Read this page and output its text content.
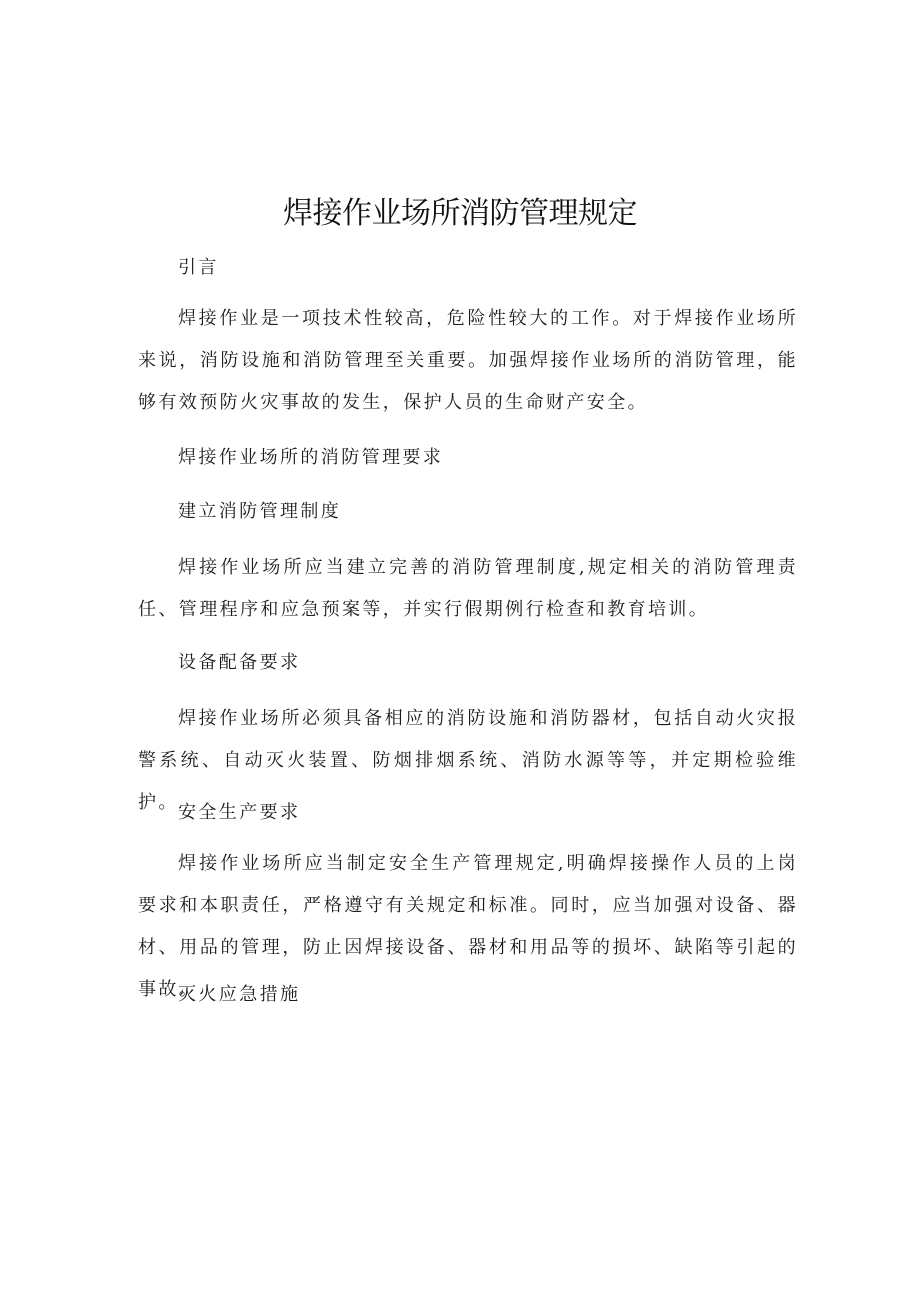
焊接作业场所消防管理规定
引言
焊接作业是一项技术性较高，危险性较大的工作。对于焊接作业场所来说，消防设施和消防管理至关重要。加强焊接作业场所的消防管理，能够有效预防火灾事故的发生，保护人员的生命财产安全。
焊接作业场所的消防管理要求
建立消防管理制度
焊接作业场所应当建立完善的消防管理制度,规定相关的消防管理责任、管理程序和应急预案等，并实行假期例行检查和教育培训。
设备配备要求
焊接作业场所必须具备相应的消防设施和消防器材，包括自动火灾报警系统、自动灭火装置、防烟排烟系统、消防水源等等，并定期检验维护。 安全生产要求
焊接作业场所应当制定安全生产管理规定,明确焊接操作人员的上岗要求和本职责任，严格遵守有关规定和标准。同时，应当加强对设备、器材、用品的管理，防止因焊接设备、器材和用品等的损坏、缺陷等引起的事故。
灭火应急措施
